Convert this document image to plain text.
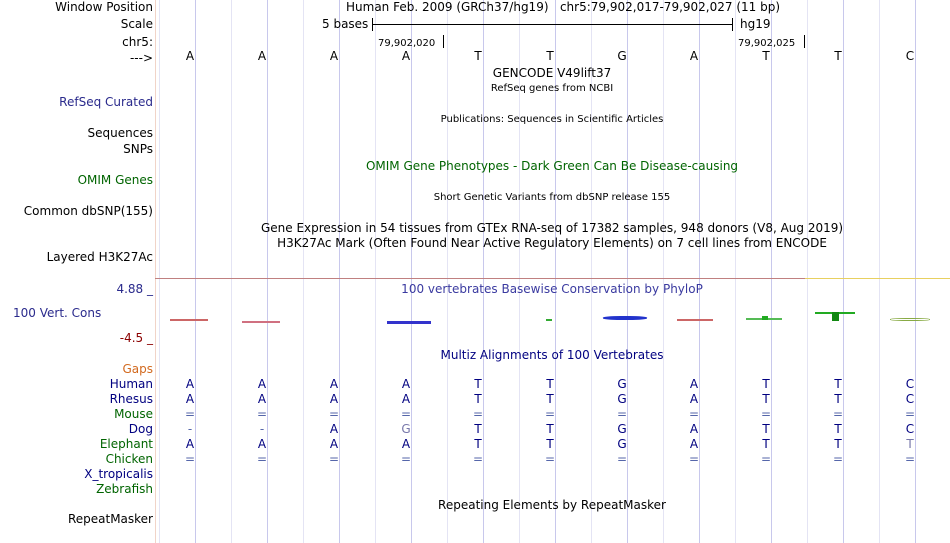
Window Position	Human Feb. 2009 (GRCh37/hg19)   chr5:79,902,017-79,902,027 (11 bp)
Scale	5 bases	hg19
chr5:	79,902,020	79,902,025
--->	A	A	A	A	T	T	G	A	T	T	C
GENCODE V49lift37
RefSeq genes from NCBI
RefSeq Curated
Publications: Sequences in Scientific Articles
Sequences
SNPs
OMIM Gene Phenotypes - Dark Green Can Be Disease-causing
OMIM Genes
Short Genetic Variants from dbSNP release 155
Common dbSNP(155)
Gene Expression in 54 tissues from GTEx RNA-seq of 17382 samples, 948 donors (V8, Aug 2019)
H3K27Ac Mark (Often Found Near Active Regulatory Elements) on 7 cell lines from ENCODE
Layered H3K27Ac
4.88 _	100 vertebrates Basewise Conservation by PhyloP
100 Vert. Cons
-4.5 _
Multiz Alignments of 100 Vertebrates
Gaps
Human	A	A	A	A	T	T	G	A	T	T	C
Rhesus	A	A	A	A	T	T	G	A	T	T	C
Mouse	=	=	=	=	=	=	=	=	=	=	=
Dog	-	-	A	G	T	T	G	A	T	T	C
Elephant	A	A	A	A	T	T	G	A	T	T	T
Chicken	=	=	=	=	=	=	=	=	=	=	=
X_tropicalis
Zebrafish
Repeating Elements by RepeatMasker
RepeatMasker
